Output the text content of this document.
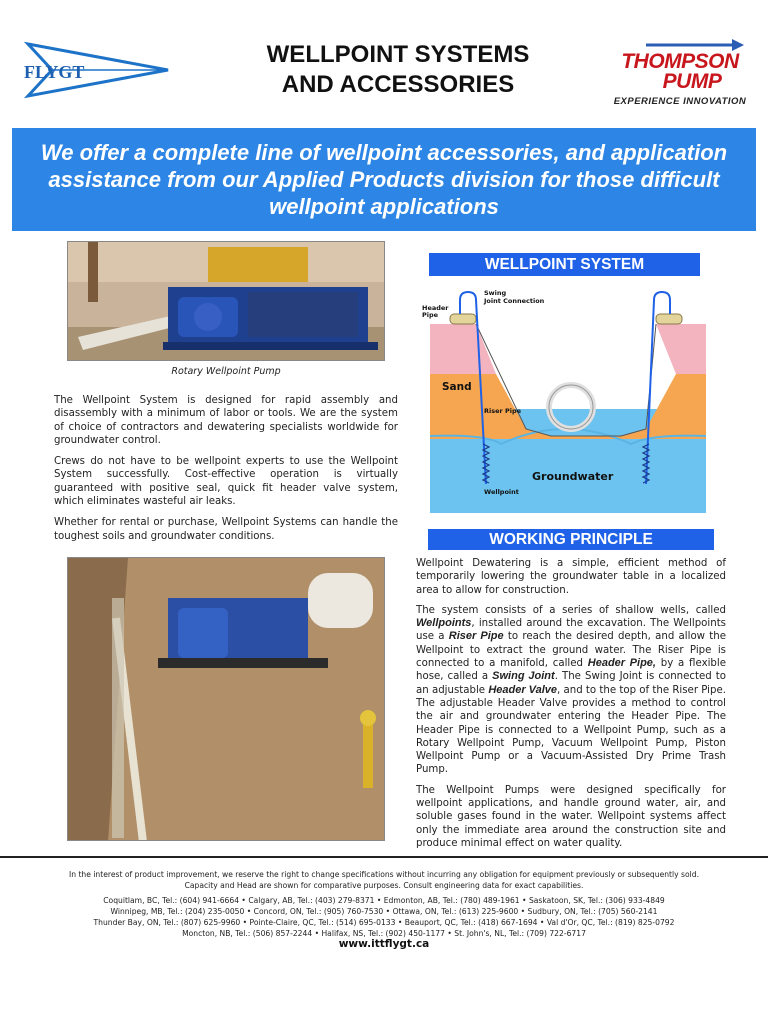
FLYGT
WELLPOINT SYSTEMS
AND ACCESSORIES
THOMPSON
PUMP
EXPERIENCE INNOVATION
We offer a complete line of wellpoint accessories, and application assistance from our Applied Products division for those difficult wellpoint applications
Rotary Wellpoint Pump

The Wellpoint System is designed for rapid assembly and disassembly with a minimum of labor or tools. We are the system of choice of contractors and dewatering specialists worldwide for groundwater control.

Crews do not have to be wellpoint experts to use the Wellpoint System successfully. Cost-effective operation is virtually guaranteed with positive seal, quick fit header valve system, which eliminates wasteful air leaks.

Whether for rental or purchase, Wellpoint Systems can handle the toughest soils and groundwater conditions.

WELLPOINT SYSTEM
Swing
Joint Connection
Header
Pipe
Sand
Riser Pipe
Groundwater
Wellpoint
WORKING PRINCIPLE

Wellpoint Dewatering is a simple, efficient method of temporarily lowering the groundwater table in a localized area to allow for construction.

The system consists of a series of shallow wells, called Wellpoints, installed around the excavation. The Wellpoints use a Riser Pipe to reach the desired depth, and allow the Wellpoint to extract the ground water. The Riser Pipe is connected to a manifold, called Header Pipe, by a flexible hose, called a Swing Joint. The Swing Joint is connected to an adjustable Header Valve, and to the top of the Riser Pipe. The adjustable Header Valve provides a method to control the air and groundwater entering the Header Pipe. The Header Pipe is connected to a Wellpoint Pump, such as a Rotary Wellpoint Pump, Vacuum Wellpoint Pump, Piston Wellpoint Pump or a Vacuum-Assisted Dry Prime Trash Pump.

The Wellpoint Pumps were designed specifically for wellpoint applications, and handle ground water, air, and soluble gases found in the water. Wellpoint systems affect only the immediate area around the construction site and produce minimal effect on water quality.

In the interest of product improvement, we reserve the right to change specifications without incurring any obligation for equipment previously or subsequently sold. Capacity and Head are shown for comparative purposes. Consult engineering data for exact capabilities.
Coquitlam, BC, Tel.: (604) 941-6664 • Calgary, AB, Tel.: (403) 279-8371 • Edmonton, AB, Tel.: (780) 489-1961 • Saskatoon, SK, Tel.: (306) 933-4849
Winnipeg, MB, Tel.: (204) 235-0050 • Concord, ON, Tel.: (905) 760-7530 • Ottawa, ON, Tel.: (613) 225-9600 • Sudbury, ON, Tel.: (705) 560-2141
Thunder Bay, ON, Tel.: (807) 625-9960 • Pointe-Claire, QC, Tel.: (514) 695-0133 • Beauport, QC, Tel.: (418) 667-1694 • Val d'Or, QC, Tel.: (819) 825-0792
Moncton, NB, Tel.: (506) 857-2244 • Halifax, NS, Tel.: (902) 450-1177 • St. John's, NL, Tel.: (709) 722-6717
www.ittflygt.ca
